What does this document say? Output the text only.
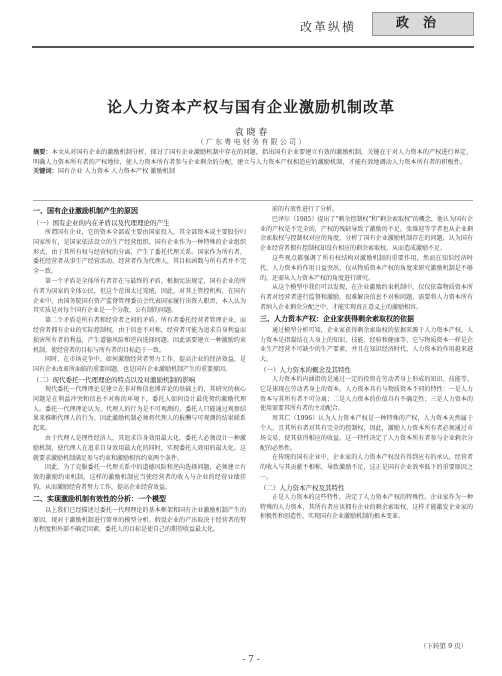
改革纵横	政治
论人力资本产权与国有企业激励机制改革
袁 晓 春
（ 广 东 粤 电 财 务 有 限 公 司 ）
摘要：本文从对国有企业的激励机制分析，探讨了国有企业激励机制中存在的问题，指出国有企业要建立有效的激励机制，关键在于对人力资本的产权进行界定，明确人力资本所有者的产权地位，使人力资本所有者参与企业剩余的分配，建立与人力资本产权相适应的激励机制，才能有效地调动人力资本所有者的积极性。
关键词：国有企业 人力资本 人力资本产权 激励机制
一、国有企业激励机制产生的原因
（一）国有企业的内在矛盾以及代理理论的产生

所谓国有企业，它的资本全部或主要由国家投入，其全部资本或主要股份归国家所有，是国家依法设立的生产经营组织。国有企业作为一种特殊的企业组织形式，由于其所有权与经营权的分离，产生了委托代理关系。国家作为所有者，委托经营者从事生产经营活动，经营者作为代理人，其目标函数与所有者并不完全一致。

第一个矛盾是全体所有者存在与最终的矛盾。根据宪法规定，国有企业的所有者为国家的全体公民，但这个范围太过笼统，因此，对其上管控机构，在国有企业中，由国务院国有资产监督管理委员会代表国家履行出资人职责，本人认为其实质是对每个国有企业是一个分散、公有制的问题。

第二个矛盾是所有者和经营者之间的矛盾。所有者委托经营者管理企业，而经营者拥有企业的实际控制权，由于信息不对称，经营者可能为追求自身利益而损害所有者的利益，产生道德风险和逆向选择问题。因此需要建立一种激励约束机制，使经营者的目标与所有者的目标趋于一致。

同时，在市场竞争中，如何激励经营者努力工作，提高企业的经济效益，是国有企业改革所面临的重要问题，也是国有企业激励机制产生的重要原因。

（二）现代委托一代理理论的特点以及对激励机制的影响

现代委托一代理理论是建立在非对称信息博弈论的基础上的，其研究的核心问题是在利益冲突和信息不对称的环境下，委托人如何设计最优契约激励代理人。委托一代理理论认为，代理人的行为是不可观测的，委托人只能通过观察结果来推断代理人的行为，因此激励机制必须将代理人的报酬与可观测的结果联系起来。

由于代理人是理性经济人，其追求自身效用最大化，委托人必须设计一种激励机制，使代理人在追求自身效用最大化的同时，实现委托人效用的最大化。这就要求激励机制满足参与约束和激励相容约束两个条件。

因此，为了克服委托一代理关系中的道德风险和逆向选择问题，必须建立有效的激励约束机制。这样的激励机制应当使经营者的收入与企业的经营业绩挂钩，从而激励经营者努力工作，提高企业经营效益。

二、实现激励机制有效性的分析：一个模型

以上我们已经描述过委托一代理理论的基本框架和国有企业激励机制产生的原因，现对于激励机制进行简单的模型分析。假设企业的产出取决于经营者的努力程度和外部不确定因素，委托人的目标是使自己的期望收益最大化。

前的有效性进行了分析。

巴泽尔（1985）提出了"剩余控制权"和"剩余索取权"的概念，他认为国有企业的产权是不完全的，产权的残缺导致了激励的不足。张维迎等学者也从企业剩余索取权与控制权对应的角度，分析了国有企业激励机制存在的问题，认为国有企业经营者拥有控制权却没有相应的剩余索取权，从而造成激励不足。

这些观点都强调了所有权结构对激励机制的重要作用，然而在知识经济时代，人力资本的作用日益突出，仅从物质资本产权的角度来研究激励机制是不够的，还需从人力资本产权的角度进行研究。

从这个模型中我们可以发现，在企业激励约束机制中，仅仅依靠物质资本所有者对经营者进行监督和激励，很难解决信息不对称问题，需要将人力资本所有者纳入企业剩余分配之中，才能实现真正意义上的激励相容。

三、人力资本产权：企业家获得剩余索取权的依据

通过模型分析可知，企业家获得剩余索取权的依据来源于人力资本产权。人力资本是指凝结在人身上的知识、技能、经验和健康等，它与物质资本一样是企业生产经营不可缺少的生产要素，并且在知识经济时代，人力资本的作用越来越大。

（一）人力资本的概念及其特性

人力资本的内涵指的是通过一定的投资在劳动者身上形成的知识、技能等，它是体现在劳动者身上的资本。人力资本具有与物质资本不同的特性：一是人力资本与其所有者不可分离；二是人力资本的价值具有不确定性；三是人力资本的使用需要其所有者的主动配合。

周其仁（1996）认为人力资本产权是一种特殊的产权，人力资本天然属于个人，且其所有者对其有完全的控制权，因此，激励人力资本所有者必须通过市场交易，使其获得相应的收益。这一特性决定了人力资本所有者参与企业剩余分配的必然性。

在传统的国有企业中，企业家的人力资本产权没有得到应有的承认，经营者的收入与其贡献不相称，导致激励不足，这正是国有企业效率低下的重要原因之一。

（二）人力资本产权及其特性

正是人力资本的这些特性，决定了人力资本产权的特殊性。企业家作为一种特殊的人力资本，其所有者应该拥有企业的剩余索取权，这样才能激发企业家的积极性和创造性，实现国有企业激励机制的根本变革。

（下转第 9 页）
- 7 -
